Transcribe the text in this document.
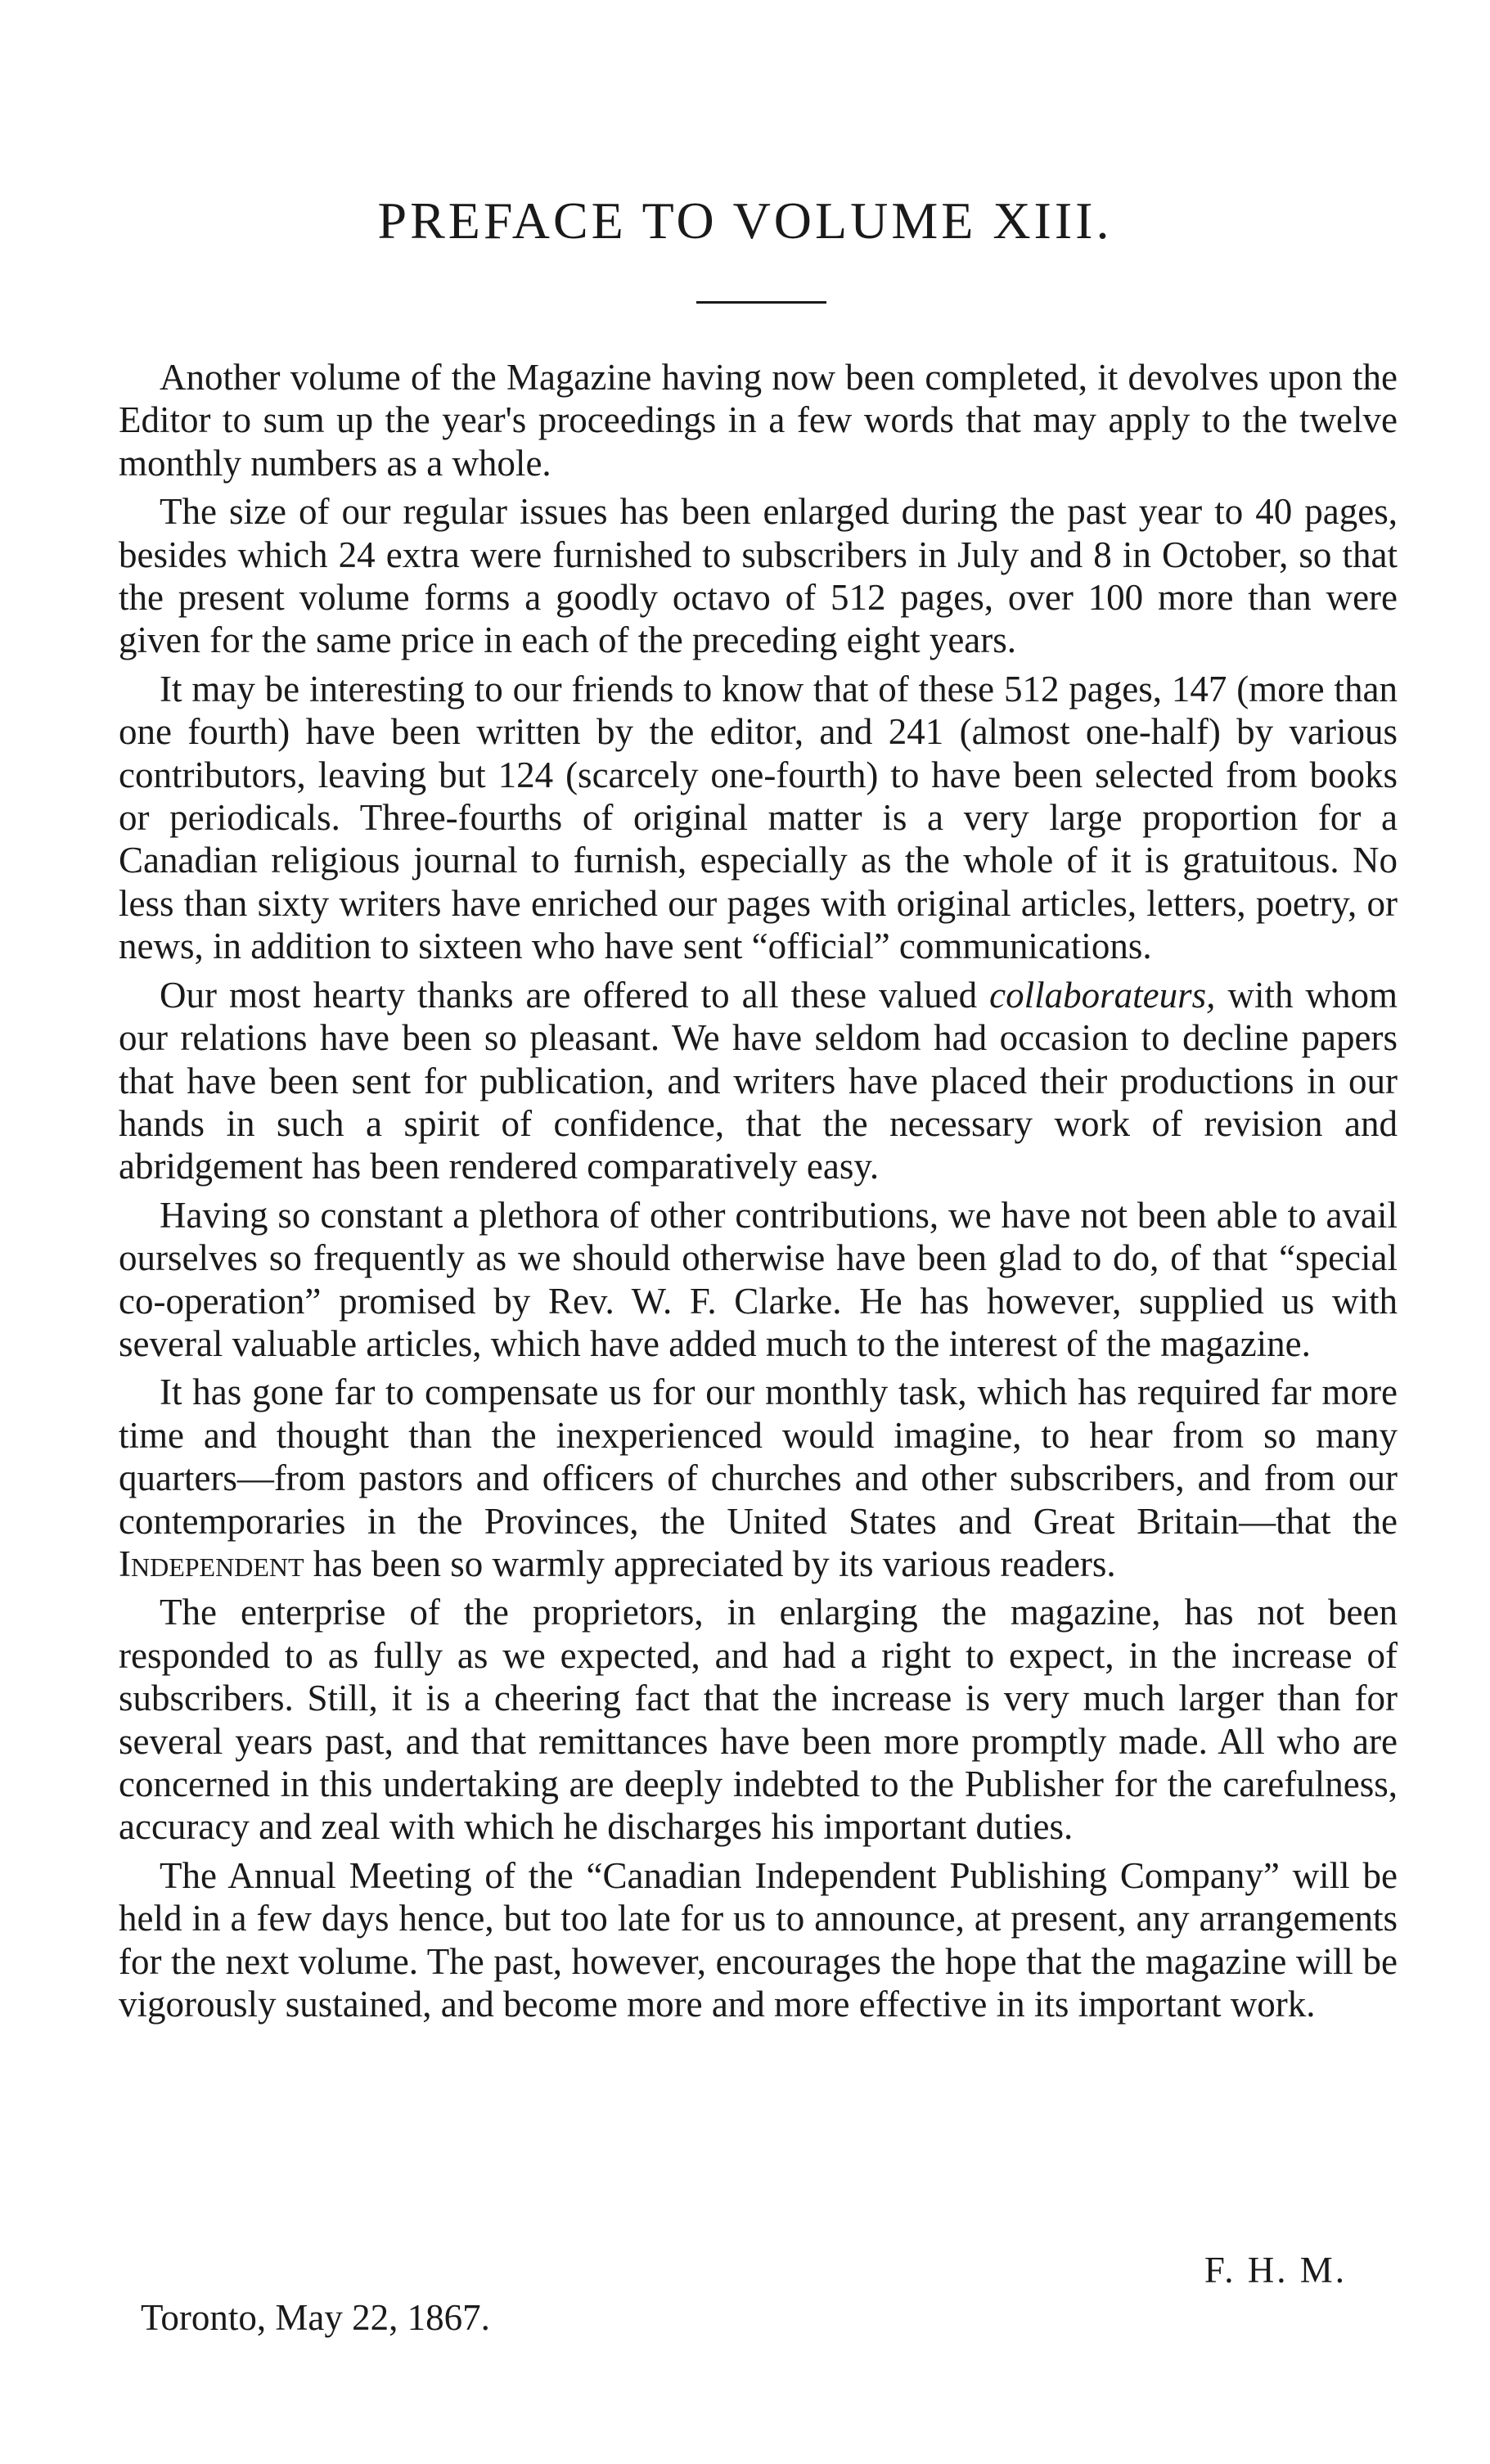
PREFACE TO VOLUME XIII.

Another volume of the Magazine having now been completed, it devolves upon the Editor to sum up the year's proceedings in a few words that may apply to the twelve monthly numbers as a whole.

The size of our regular issues has been enlarged during the past year to 40 pages, besides which 24 extra were furnished to subscribers in July and 8 in October, so that the present volume forms a goodly octavo of 512 pages, over 100 more than were given for the same price in each of the preceding eight years.

It may be interesting to our friends to know that of these 512 pages, 147 (more than one fourth) have been written by the editor, and 241 (almost one-half) by various contributors, leaving but 124 (scarcely one-fourth) to have been selected from books or periodicals. Three-fourths of original matter is a very large proportion for a Canadian religious journal to furnish, especially as the whole of it is gratuitous. No less than sixty writers have enriched our pages with original articles, letters, poetry, or news, in addition to sixteen who have sent “official” communications.

Our most hearty thanks are offered to all these valued collaborateurs, with whom our relations have been so pleasant. We have seldom had occasion to decline papers that have been sent for publication, and writers have placed their productions in our hands in such a spirit of confidence, that the necessary work of revision and abridgement has been rendered comparatively easy.

Having so constant a plethora of other contributions, we have not been able to avail ourselves so frequently as we should otherwise have been glad to do, of that “special co-operation” promised by Rev. W. F. Clarke. He has however, supplied us with several valuable articles, which have added much to the interest of the magazine.

It has gone far to compensate us for our monthly task, which has required far more time and thought than the inexperienced would imagine, to hear from so many quarters—from pastors and officers of churches and other subscribers, and from our contemporaries in the Provinces, the United States and Great Britain—that the Independent has been so warmly appreciated by its various readers.

The enterprise of the proprietors, in enlarging the magazine, has not been responded to as fully as we expected, and had a right to expect, in the increase of subscribers. Still, it is a cheering fact that the increase is very much larger than for several years past, and that remittances have been more promptly made. All who are concerned in this undertaking are deeply indebted to the Publisher for the carefulness, accuracy and zeal with which he discharges his important duties.

The Annual Meeting of the “Canadian Independent Publishing Company” will be held in a few days hence, but too late for us to announce, at present, any arrangements for the next volume. The past, however, encourages the hope that the magazine will be vigorously sustained, and become more and more effective in its important work.

F. H. M.
Toronto, May 22, 1867.
